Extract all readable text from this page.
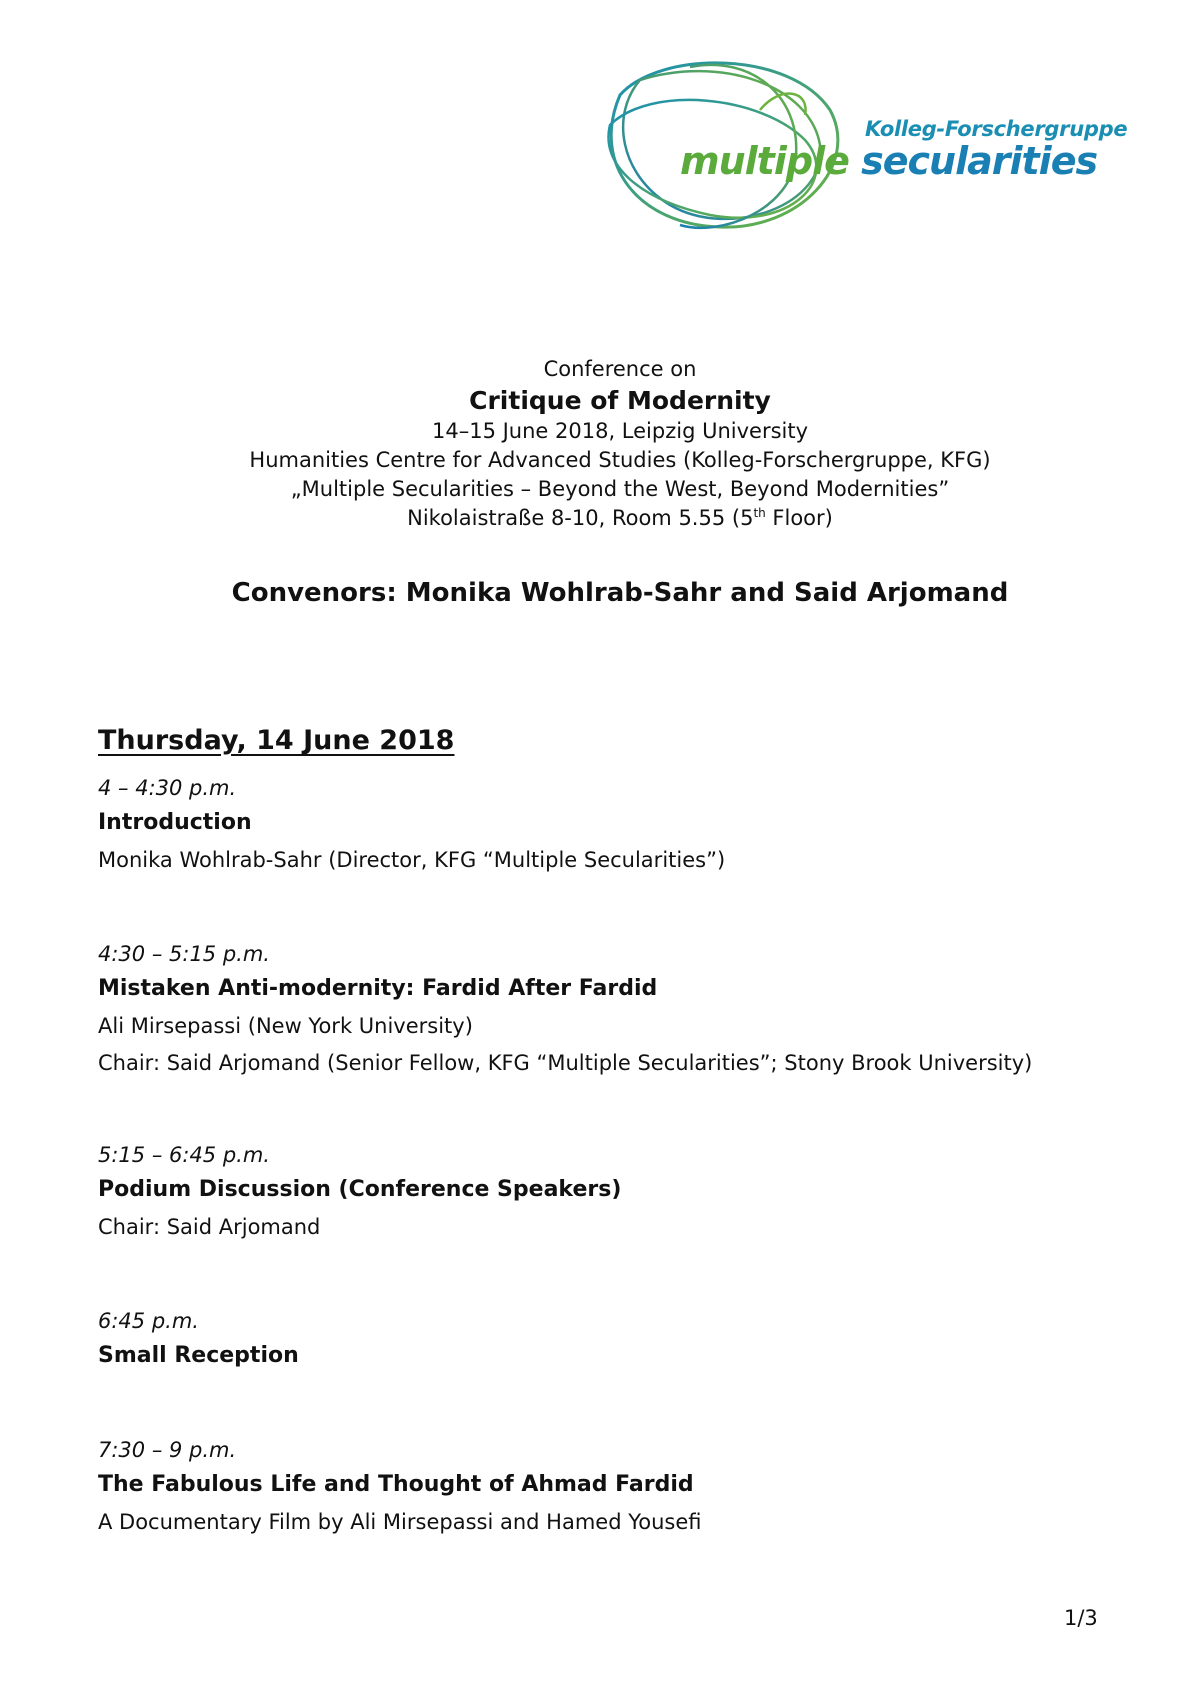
Kolleg-Forschergruppe
multiple secularities
Conference on
Critique of Modernity
14–15 June 2018, Leipzig University
Humanities Centre for Advanced Studies (Kolleg-Forschergruppe, KFG)
„Multiple Secularities – Beyond the West, Beyond Modernities”
Nikolaistraße 8-10, Room 5.55 (5th Floor)
Convenors: Monika Wohlrab-Sahr and Said Arjomand
Thursday, 14 June 2018
4 – 4:30 p.m.
Introduction
Monika Wohlrab-Sahr (Director, KFG “Multiple Secularities”)
4:30 – 5:15 p.m.
Mistaken Anti-modernity: Fardid After Fardid
Ali Mirsepassi (New York University)
Chair: Said Arjomand (Senior Fellow, KFG “Multiple Secularities”; Stony Brook University)
5:15 – 6:45 p.m.
Podium Discussion (Conference Speakers)
Chair: Said Arjomand
6:45 p.m.
Small Reception
7:30 – 9 p.m.
The Fabulous Life and Thought of Ahmad Fardid
A Documentary Film by Ali Mirsepassi and Hamed Yousefi
1/3
